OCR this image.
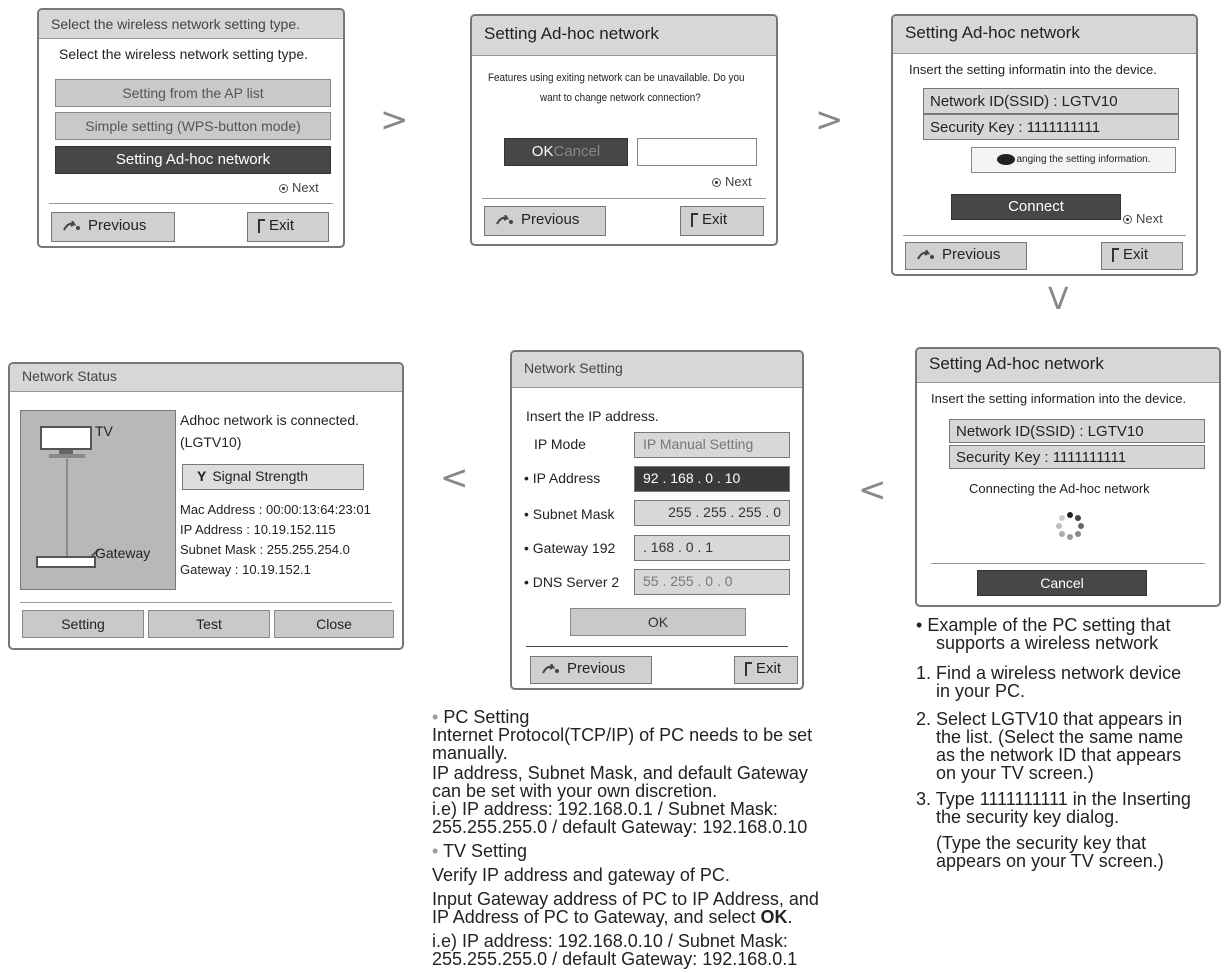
Select the wireless network setting type.
Select the wireless network setting type.
Setting from the AP list
Simple setting (WPS-button mode)
Setting Ad-hoc network
Next
Previous	Exit
>
Setting Ad-hoc network
Features using exiting network can be unavailable. Do you
want to change network connection?
OKCancel
Next
Previous	Exit
>
Setting Ad-hoc network
Insert the setting informatin into the device.
Network ID(SSID) : LGTV10
Security Key : 1111111111
anging the setting information.
Connect
Next
Previous	Exit
V
Setting Ad-hoc network
Insert the setting information into the device.
Network ID(SSID) : LGTV10
Security Key : 1111111111
Connecting the Ad-hoc network
Cancel
<
Network Setting
Insert the IP address.
IP Mode	IP Manual Setting
• IP Address	92 . 168 . 0 . 10
• Subnet Mask	255 . 255 . 255 . 0
• Gateway 192	. 168 . 0 . 1
• DNS Server 2	55 . 255 . 0 . 0
OK
Previous	Exit
<
Network Status
TV
Gateway
Adhoc network is connected.
(LGTV10)
Y Signal Strength
Mac Address : 00:00:13:64:23:01
IP Address : 10.19.152.115
Subnet Mask : 255.255.254.0
Gateway : 10.19.152.1
Setting	Test	Close	• Example of the PC setting that
supports a wireless network
1. Find a wireless network device
in your PC.
2. Select LGTV10 that appears in
the list. (Select the same name
as the network ID that appears
on your TV screen.)
3. Type 1111111111 in the Inserting
the security key dialog.
(Type the security key that
appears on your TV screen.)
• PC Setting
Internet Protocol(TCP/IP) of PC needs to be set
manually.
IP address, Subnet Mask, and default Gateway
can be set with your own discretion.
i.e) IP address: 192.168.0.1 / Subnet Mask:
255.255.255.0 / default Gateway: 192.168.0.10
• TV Setting
Verify IP address and gateway of PC.
Input Gateway address of PC to IP Address, and
IP Address of PC to Gateway, and select OK.
i.e) IP address: 192.168.0.10 / Subnet Mask:
255.255.255.0 / default Gateway: 192.168.0.1
